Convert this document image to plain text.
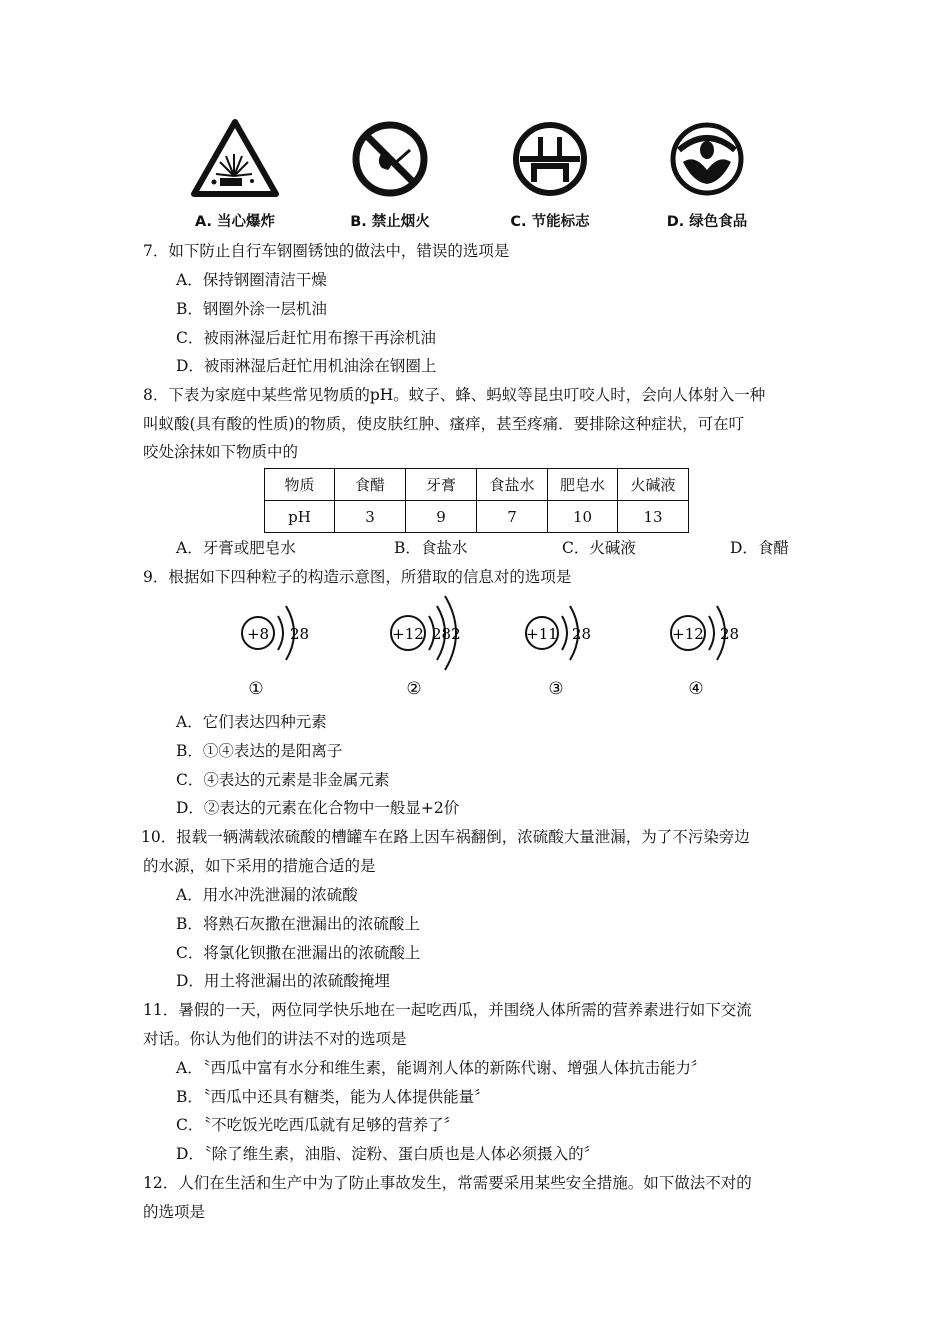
A. 当心爆炸	B. 禁止烟火	C. 节能标志	D. 绿色食品
7．如下防止自行车钢圈锈蚀的做法中，错误的选项是
A．保持钢圈清洁干燥
B．钢圈外涂一层机油
C．被雨淋湿后赶忙用布擦干再涂机油
D．被雨淋湿后赶忙用机油涂在钢圈上
8．下表为家庭中某些常见物质的pH。蚊子、蜂、蚂蚁等昆虫叮咬人时，会向人体射入一种
叫蚁酸(具有酸的性质)的物质，使皮肤红肿、瘙痒，甚至疼痛．要排除这种症状，可在叮
咬处涂抹如下物质中的
物质	食醋	牙膏	食盐水	肥皂水	火碱液
pH	3	9	7	10	13
A．牙膏或肥皂水	B．食盐水	C．火碱液	D．食醋
9．根据如下四种粒子的构造示意图，所猎取的信息对的选项是
+8 28
①
+12 282
②
+11 28
③
+12 28
④
A．它们表达四种元素
B．①④表达的是阳离子
C．④表达的元素是非金属元素
D．②表达的元素在化合物中一般显+2价
10．报载一辆满载浓硫酸的槽罐车在路上因车祸翻倒，浓硫酸大量泄漏，为了不污染旁边
的水源，如下采用的措施合适的是
A．用水冲洗泄漏的浓硫酸
B．将熟石灰撒在泄漏出的浓硫酸上
C．将氯化钡撒在泄漏出的浓硫酸上
D．用土将泄漏出的浓硫酸掩埋
11．暑假的一天，两位同学快乐地在一起吃西瓜，并围绕人体所需的营养素进行如下交流
对话。你认为他们的讲法不对的选项是
A．〝西瓜中富有水分和维生素，能调剂人体的新陈代谢、增强人体抗击能力〞
B．〝西瓜中还具有糖类，能为人体提供能量〞
C．〝不吃饭光吃西瓜就有足够的营养了〞
D．〝除了维生素，油脂、淀粉、蛋白质也是人体必须摄入的〞
12．人们在生活和生产中为了防止事故发生，常需要采用某些安全措施。如下做法不对的
的选项是
